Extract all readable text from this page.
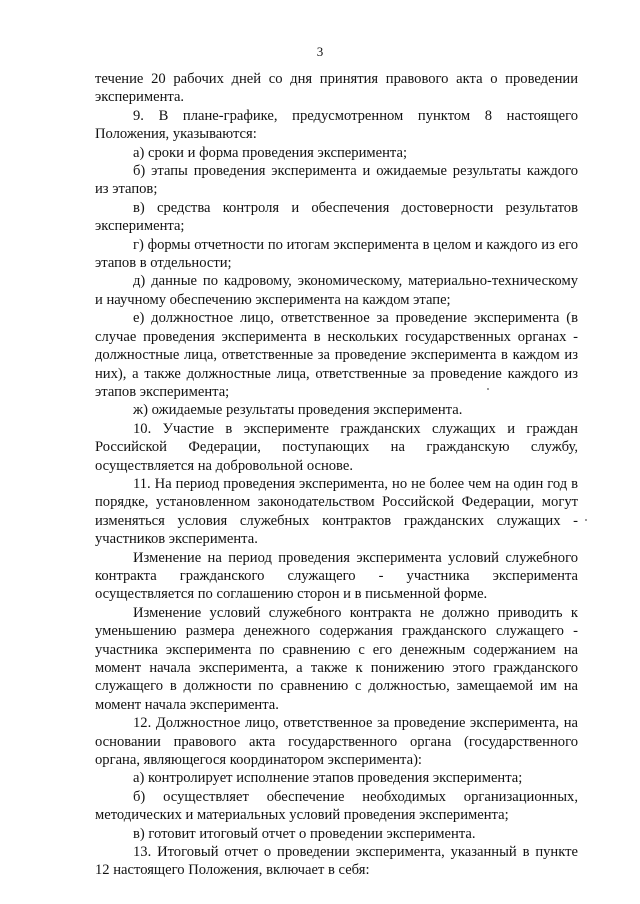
3

течение 20 рабочих дней со дня принятия правового акта о проведении эксперимента.

9. В плане-графике, предусмотренном пунктом 8 настоящего Положения, указываются:

а) сроки и форма проведения эксперимента;

б) этапы проведения эксперимента и ожидаемые результаты каждого из этапов;

в) средства контроля и обеспечения достоверности результатов эксперимента;

г) формы отчетности по итогам эксперимента в целом и каждого из его этапов в отдельности;

д) данные по кадровому, экономическому, материально-техническому и научному обеспечению эксперимента на каждом этапе;

е) должностное лицо, ответственное за проведение эксперимента (в случае проведения эксперимента в нескольких государственных органах - должностные лица, ответственные за проведение эксперимента в каждом из них), а также должностные лица, ответственные за проведение каждого из этапов эксперимента;

ж) ожидаемые результаты проведения эксперимента.

10. Участие в эксперименте гражданских служащих и граждан Российской Федерации, поступающих на гражданскую службу, осуществляется на добровольной основе.

11. На период проведения эксперимента, но не более чем на один год в порядке, установленном законодательством Российской Федерации, могут изменяться условия служебных контрактов гражданских служащих - участников эксперимента.

Изменение на период проведения эксперимента условий служебного контракта гражданского служащего - участника эксперимента осуществляется по соглашению сторон и в письменной форме.

Изменение условий служебного контракта не должно приводить к уменьшению размера денежного содержания гражданского служащего - участника эксперимента по сравнению с его денежным содержанием на момент начала эксперимента, а также к понижению этого гражданского служащего в должности по сравнению с должностью, замещаемой им на момент начала эксперимента.

12. Должностное лицо, ответственное за проведение эксперимента, на основании правового акта государственного органа (государственного органа, являющегося координатором эксперимента):

а) контролирует исполнение этапов проведения эксперимента;

б) осуществляет обеспечение необходимых организационных, методических и материальных условий проведения эксперимента;

в) готовит итоговый отчет о проведении эксперимента.

13. Итоговый отчет о проведении эксперимента, указанный в пункте 12 настоящего Положения, включает в себя:
